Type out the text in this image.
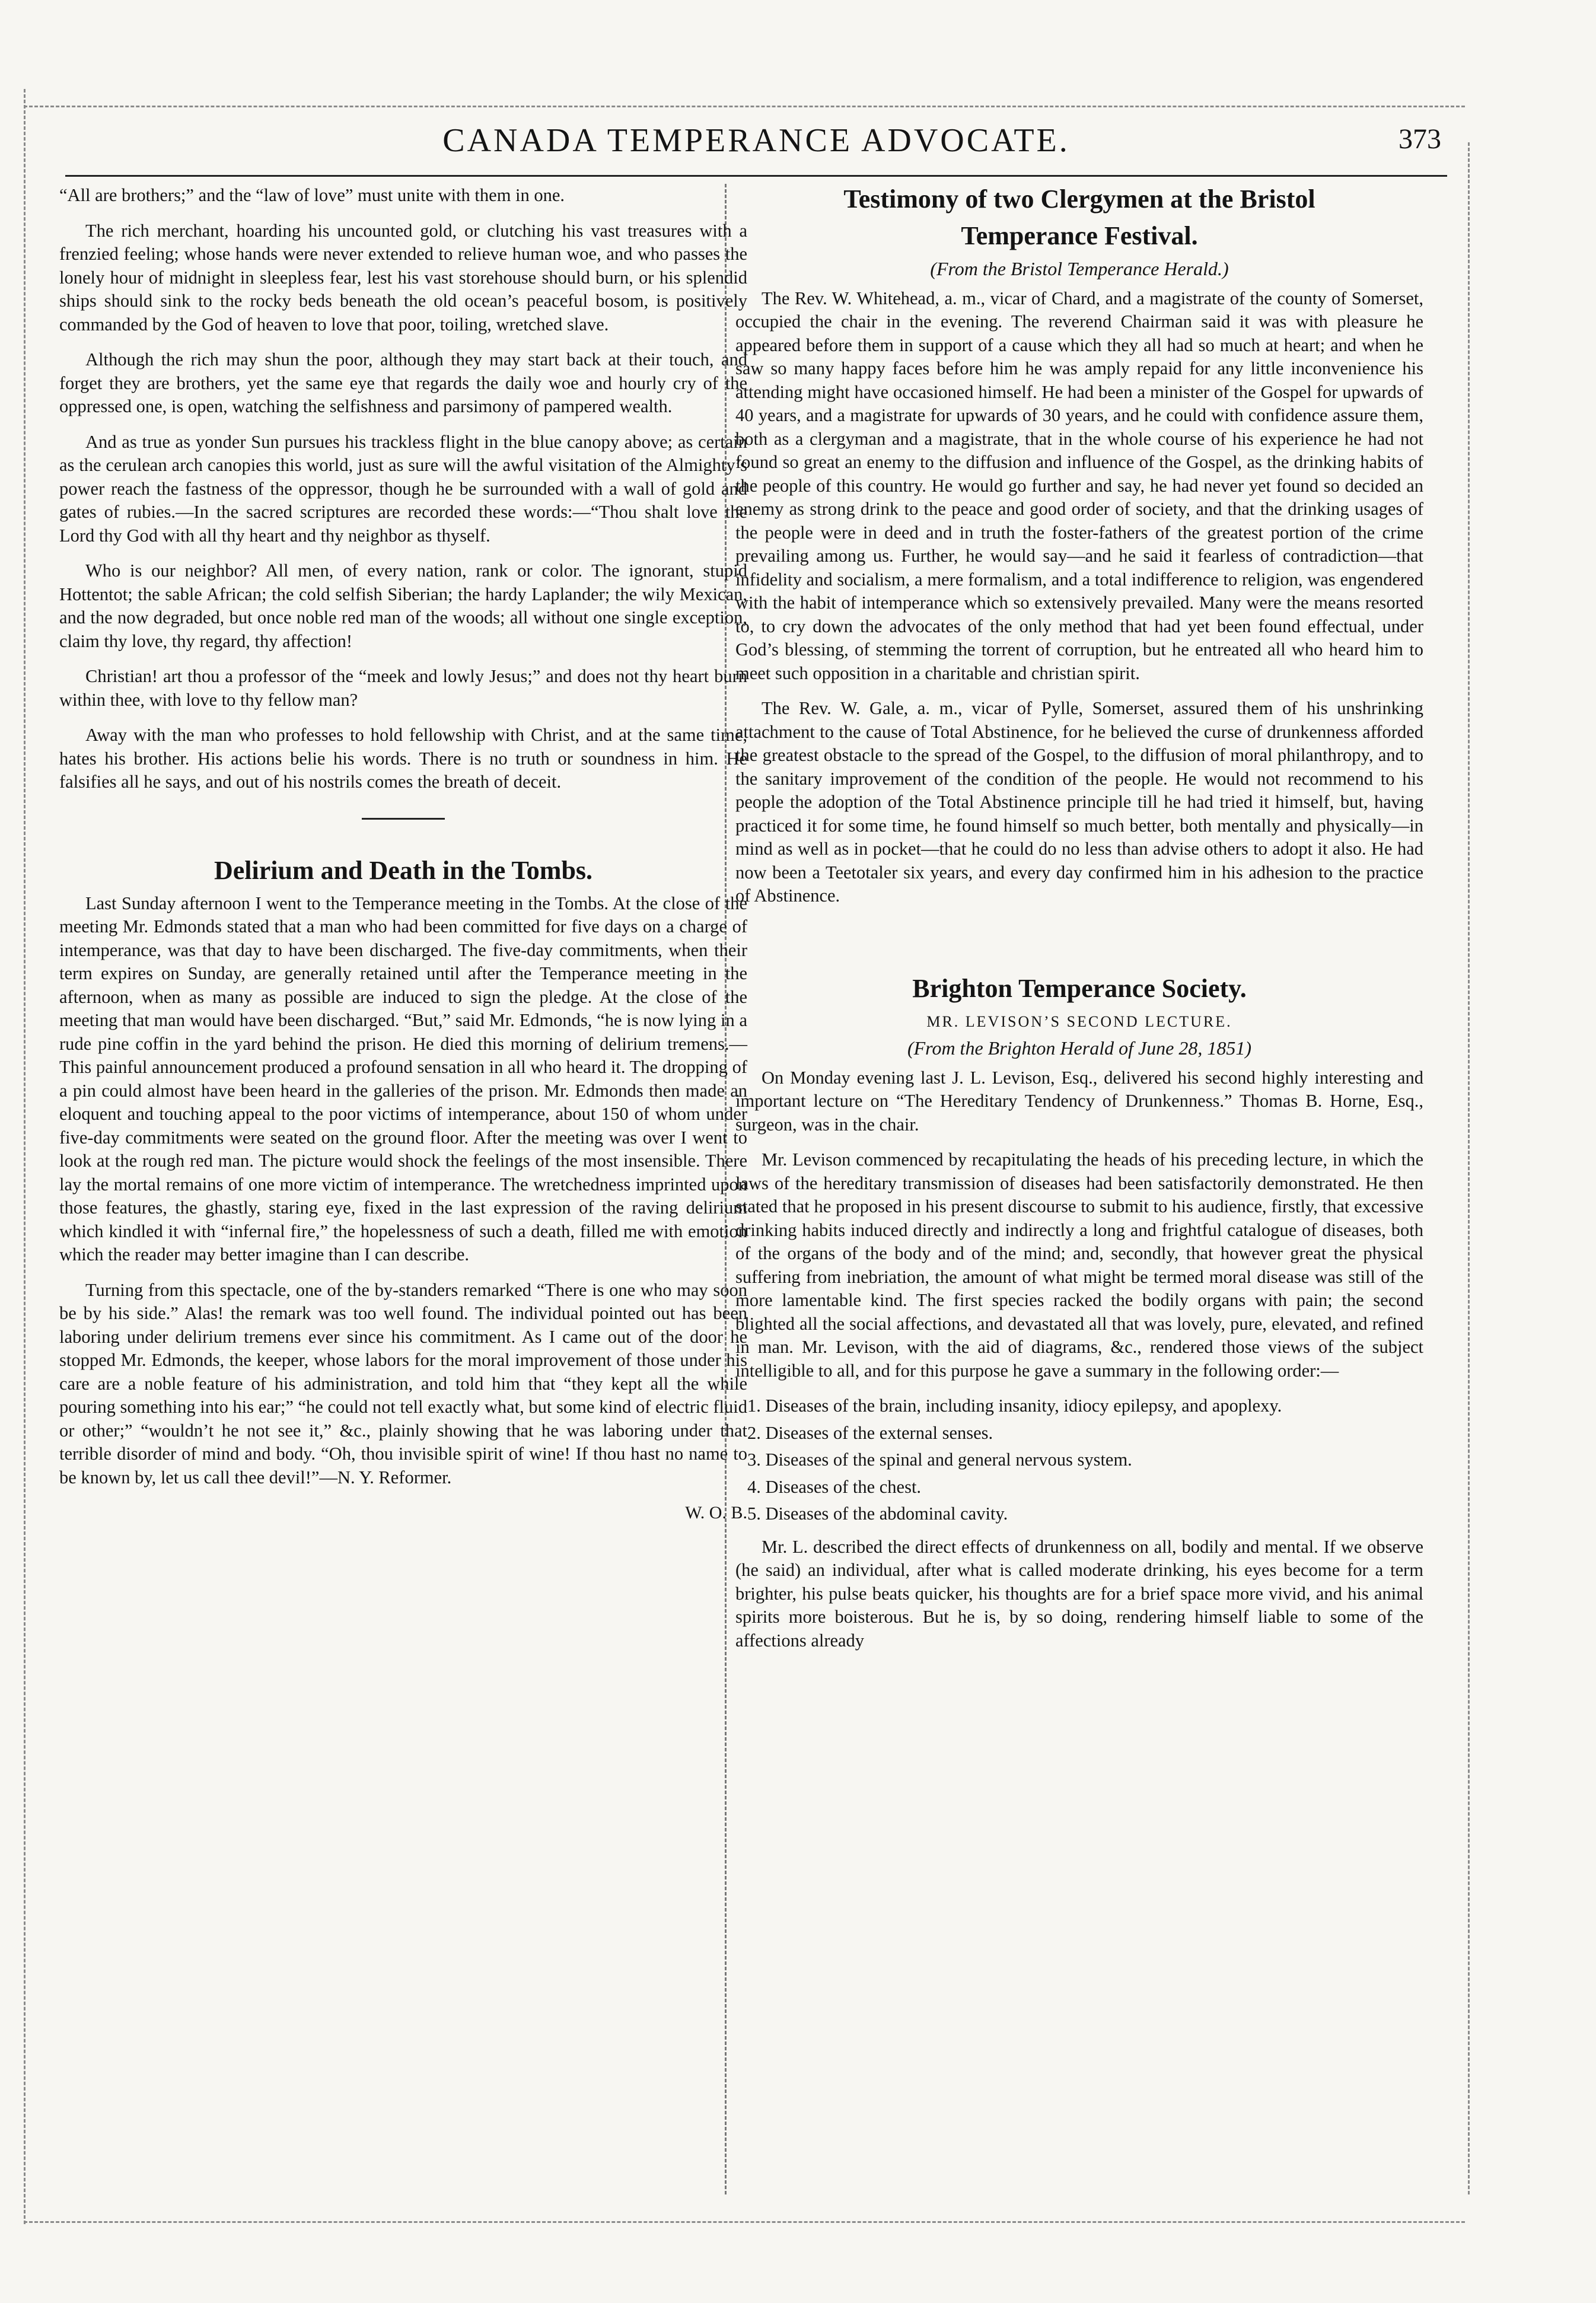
CANADA TEMPERANCE ADVOCATE.	373

“All are brothers;” and the “law of love” must unite with them in one.

The rich merchant, hoarding his uncounted gold, or clutching his vast treasures with a frenzied feeling; whose hands were never extended to relieve human woe, and who passes the lonely hour of midnight in sleepless fear, lest his vast storehouse should burn, or his splendid ships should sink to the rocky beds beneath the old ocean’s peaceful bosom, is positively commanded by the God of heaven to love that poor, toiling, wretched slave.

Although the rich may shun the poor, although they may start back at their touch, and forget they are brothers, yet the same eye that regards the daily woe and hourly cry of the oppressed one, is open, watching the selfishness and parsimony of pampered wealth.

And as true as yonder Sun pursues his trackless flight in the blue canopy above; as certain as the cerulean arch canopies this world, just as sure will the awful visitation of the Almighty’s power reach the fastness of the oppressor, though he be surrounded with a wall of gold and gates of rubies.—In the sacred scriptures are recorded these words:—“Thou shalt love the Lord thy God with all thy heart and thy neighbor as thyself.

Who is our neighbor? All men, of every nation, rank or color. The ignorant, stupid Hottentot; the sable African; the cold selfish Siberian; the hardy Laplander; the wily Mexican, and the now degraded, but once noble red man of the woods; all without one single exception, claim thy love, thy regard, thy affection!

Christian! art thou a professor of the “meek and lowly Jesus;” and does not thy heart burn within thee, with love to thy fellow man?

Away with the man who professes to hold fellowship with Christ, and at the same time, hates his brother. His actions belie his words. There is no truth or soundness in him. He falsifies all he says, and out of his nostrils comes the breath of deceit.

Delirium and Death in the Tombs.

Last Sunday afternoon I went to the Temperance meeting in the Tombs. At the close of the meeting Mr. Edmonds stated that a man who had been committed for five days on a charge of intemperance, was that day to have been discharged. The five-day commitments, when their term expires on Sunday, are generally retained until after the Temperance meeting in the afternoon, when as many as possible are induced to sign the pledge. At the close of the meeting that man would have been discharged. “But,” said Mr. Edmonds, “he is now lying in a rude pine coffin in the yard behind the prison. He died this morning of delirium tremens.—This painful announcement produced a profound sensation in all who heard it. The dropping of a pin could almost have been heard in the galleries of the prison. Mr. Edmonds then made an eloquent and touching appeal to the poor victims of intemperance, about 150 of whom under five-day commitments were seated on the ground floor. After the meeting was over I went to look at the rough red man. The picture would shock the feelings of the most insensible. There lay the mortal remains of one more victim of intemperance. The wretchedness imprinted upon those features, the ghastly, staring eye, fixed in the last expression of the raving delirium which kindled it with “infernal fire,” the hopelessness of such a death, filled me with emotion which the reader may better imagine than I can describe.

Turning from this spectacle, one of the by-standers remarked “There is one who may soon be by his side.” Alas! the remark was too well found. The individual pointed out has been laboring under delirium tremens ever since his commitment. As I came out of the door he stopped Mr. Edmonds, the keeper, whose labors for the moral improvement of those under his care are a noble feature of his administration, and told him that “they kept all the while pouring something into his ear;” “he could not tell exactly what, but some kind of electric fluid or other;” “wouldn’t he not see it,” &c., plainly showing that he was laboring under that terrible disorder of mind and body. “Oh, thou invisible spirit of wine! If thou hast no name to be known by, let us call thee devil!”—N. Y. Reformer.

W. O. B.
Testimony of two Clergymen at the Bristol
Temperance Festival.
(From the Bristol Temperance Herald.)

The Rev. W. Whitehead, a. m., vicar of Chard, and a magistrate of the county of Somerset, occupied the chair in the evening. The reverend Chairman said it was with pleasure he appeared before them in support of a cause which they all had so much at heart; and when he saw so many happy faces before him he was amply repaid for any little inconvenience his attending might have occasioned himself. He had been a minister of the Gospel for upwards of 40 years, and a magistrate for upwards of 30 years, and he could with confidence assure them, both as a clergyman and a magistrate, that in the whole course of his experience he had not found so great an enemy to the diffusion and influence of the Gospel, as the drinking habits of the people of this country. He would go further and say, he had never yet found so decided an enemy as strong drink to the peace and good order of society, and that the drinking usages of the people were in deed and in truth the foster-fathers of the greatest portion of the crime prevailing among us. Further, he would say—and he said it fearless of contradiction—that infidelity and socialism, a mere formalism, and a total indifference to religion, was engendered with the habit of intemperance which so extensively prevailed. Many were the means resorted to, to cry down the advocates of the only method that had yet been found effectual, under God’s blessing, of stemming the torrent of corruption, but he entreated all who heard him to meet such opposition in a charitable and christian spirit.

The Rev. W. Gale, a. m., vicar of Pylle, Somerset, assured them of his unshrinking attachment to the cause of Total Abstinence, for he believed the curse of drunkenness afforded the greatest obstacle to the spread of the Gospel, to the diffusion of moral philanthropy, and to the sanitary improvement of the condition of the people. He would not recommend to his people the adoption of the Total Abstinence principle till he had tried it himself, but, having practiced it for some time, he found himself so much better, both mentally and physically—in mind as well as in pocket—that he could do no less than advise others to adopt it also. He had now been a Teetotaler six years, and every day confirmed him in his adhesion to the practice of Abstinence.

Brighton Temperance Society.
MR. LEVISON’S SECOND LECTURE.
(From the Brighton Herald of June 28, 1851)

On Monday evening last J. L. Levison, Esq., delivered his second highly interesting and important lecture on “The Hereditary Tendency of Drunkenness.” Thomas B. Horne, Esq., surgeon, was in the chair.

Mr. Levison commenced by recapitulating the heads of his preceding lecture, in which the laws of the hereditary transmission of diseases had been satisfactorily demonstrated. He then stated that he proposed in his present discourse to submit to his audience, firstly, that excessive drinking habits induced directly and indirectly a long and frightful catalogue of diseases, both of the organs of the body and of the mind; and, secondly, that however great the physical suffering from inebriation, the amount of what might be termed moral disease was still of the more lamentable kind. The first species racked the bodily organs with pain; the second blighted all the social affections, and devastated all that was lovely, pure, elevated, and refined in man. Mr. Levison, with the aid of diagrams, &c., rendered those views of the subject intelligible to all, and for this purpose he gave a summary in the following order:—

1. Diseases of the brain, including insanity, idiocy epilepsy, and apoplexy.
2. Diseases of the external senses.
3. Diseases of the spinal and general nervous system.
4. Diseases of the chest.
5. Diseases of the abdominal cavity.

Mr. L. described the direct effects of drunkenness on all, bodily and mental. If we observe (he said) an individual, after what is called moderate drinking, his eyes become for a term brighter, his pulse beats quicker, his thoughts are for a brief space more vivid, and his animal spirits more boisterous. But he is, by so doing, rendering himself liable to some of the affections already
